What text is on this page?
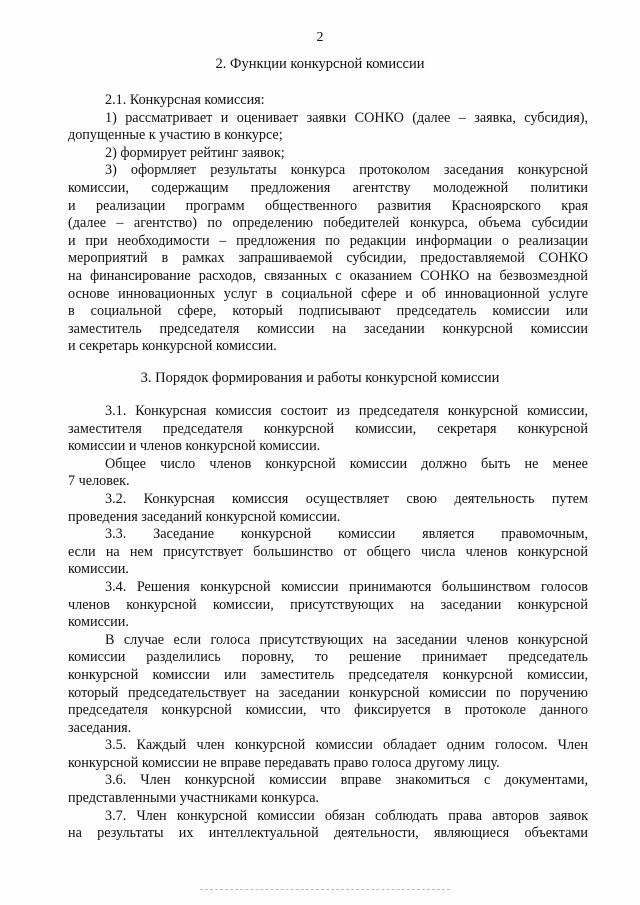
2
2. Функции конкурсной комиссии
2.1. Конкурсная комиссия:
1) рассматривает и оценивает заявки СОНКО (далее – заявка, субсидия),
допущенные к участию в конкурсе;
2) формирует рейтинг заявок;
3) оформляет результаты конкурса протоколом заседания конкурсной
комиссии, содержащим предложения агентству молодежной политики
и реализации программ общественного развития Красноярского края
(далее – агентство) по определению победителей конкурса, объема субсидии
и при необходимости – предложения по редакции информации о реализации
мероприятий в рамках запрашиваемой субсидии, предоставляемой СОНКО
на финансирование расходов, связанных с оказанием СОНКО на безвозмездной
основе инновационных услуг в социальной сфере и об инновационной услуге
в социальной сфере, который подписывают председатель комиссии или
заместитель председателя комиссии на заседании конкурсной комиссии
и секретарь конкурсной комиссии.
3. Порядок формирования и работы конкурсной комиссии
3.1. Конкурсная комиссия состоит из председателя конкурсной комиссии,
заместителя председателя конкурсной комиссии, секретаря конкурсной
комиссии и членов конкурсной комиссии.
Общее число членов конкурсной комиссии должно быть не менее
7 человек.
3.2. Конкурсная комиссия осуществляет свою деятельность путем
проведения заседаний конкурсной комиссии.
3.3. Заседание конкурсной комиссии является правомочным,
если на нем присутствует большинство от общего числа членов конкурсной
комиссии.
3.4. Решения конкурсной комиссии принимаются большинством голосов
членов конкурсной комиссии, присутствующих на заседании конкурсной
комиссии.
В случае если голоса присутствующих на заседании членов конкурсной
комиссии разделились поровну, то решение принимает председатель
конкурсной комиссии или заместитель председателя конкурсной комиссии,
который председательствует на заседании конкурсной комиссии по поручению
председателя конкурсной комиссии, что фиксируется в протоколе данного
заседания.
3.5. Каждый член конкурсной комиссии обладает одним голосом. Член
конкурсной комиссии не вправе передавать право голоса другому лицу.
3.6. Член конкурсной комиссии вправе знакомиться с документами,
представленными участниками конкурса.
3.7. Член конкурсной комиссии обязан соблюдать права авторов заявок
на результаты их интеллектуальной деятельности, являющиеся объектами
